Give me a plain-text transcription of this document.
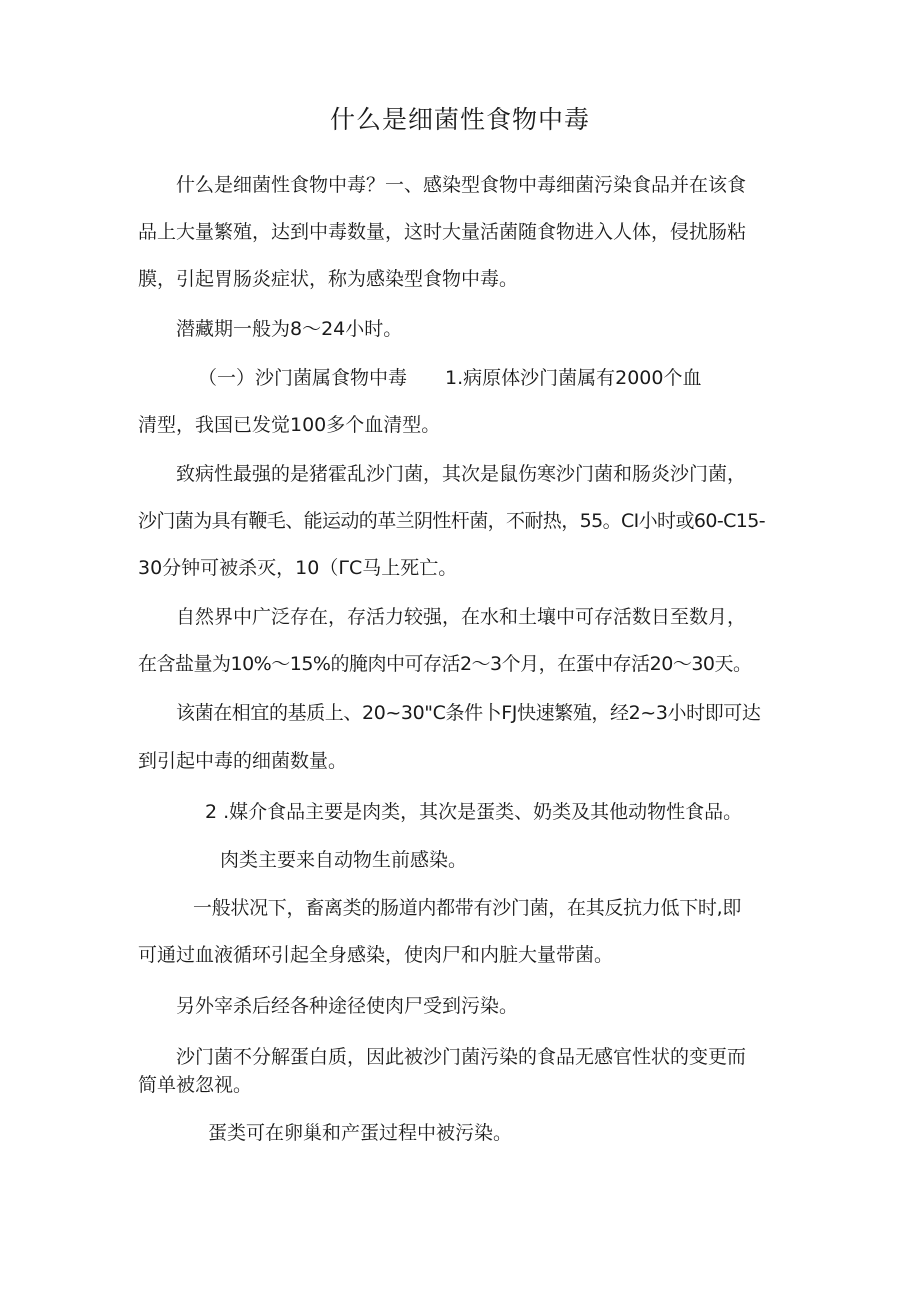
什么是细菌性食物中毒

什么是细菌性食物中毒？一、感染型食物中毒细菌污染食品并在该食

品上大量繁殖，达到中毒数量，这时大量活菌随食物进入人体，侵扰肠粘

膜，引起胃肠炎症状，称为感染型食物中毒。

潜藏期一般为8～24小时。

（一）沙门菌属食物中毒　　1.病原体沙门菌属有2000个血

清型，我国已发觉100多个血清型。

致病性最强的是猪霍乱沙门菌，其次是鼠伤寒沙门菌和肠炎沙门菌，

沙门菌为具有鞭毛、能运动的革兰阴性杆菌，不耐热，55。CI小时或60-C15-

30分钟可被杀灭，10（ΓC马上死亡。

自然界中广泛存在，存活力较强，在水和土壤中可存活数日至数月，

在含盐量为10%～15%的腌肉中可存活2～3个月，在蛋中存活20～30天。

该菌在相宜的基质上、20~30"C条件卜FJ快速繁殖，经2~3小时即可达

到引起中毒的细菌数量。

2 .媒介食品主要是肉类，其次是蛋类、奶类及其他动物性食品。

肉类主要来自动物生前感染。

一般状况下，畜离类的肠道内都带有沙门菌，在其反抗力低下时,即

可通过血液循环引起全身感染，使肉尸和内脏大量带菌。

另外宰杀后经各种途径使肉尸受到污染。

沙门菌不分解蛋白质，因此被沙门菌污染的食品无感官性状的变更而

简单被忽视。

蛋类可在卵巢和产蛋过程中被污染。
